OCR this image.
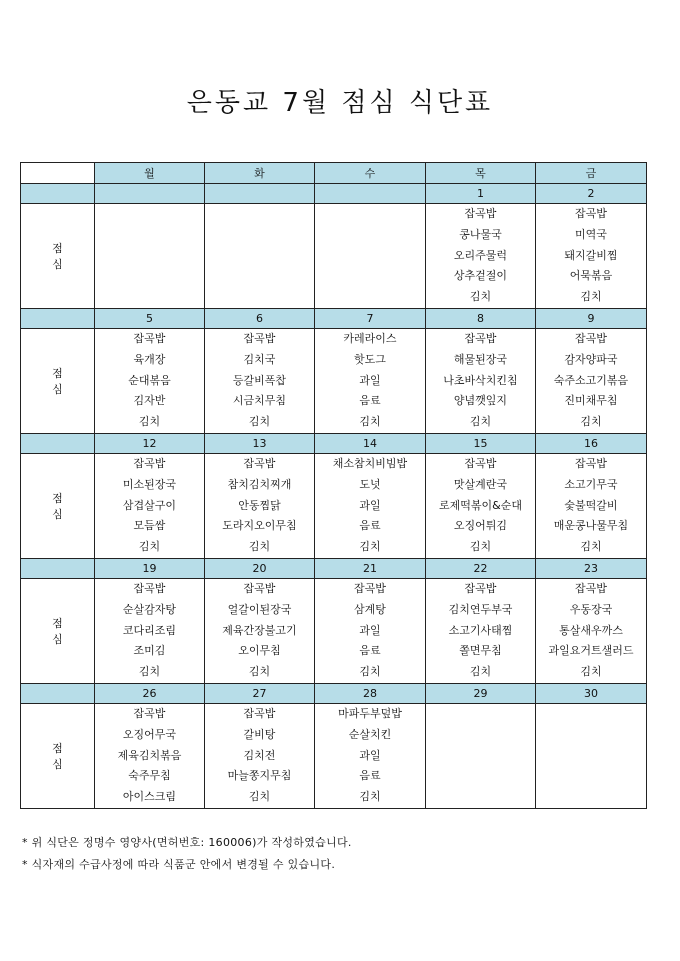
은동교 7월 점심 식단표
	월	화	수	목	금
				1	2
점 심				잡곡밥
콩나물국
오리주물럭
상추겉절이
김치	잡곡밥
미역국
돼지갈비찜
어묵볶음
김치

	5	6	7	8	9
점 심	잡곡밥
육개장
순대볶음
김자반
김치	잡곡밥
김치국
등갈비폭찹
시금치무침
김치	카레라이스
핫도그
과일
음료
김치	잡곡밥
해물된장국
나초바삭치킨침
양념깻잎지
김치	잡곡밥
감자양파국
숙주소고기볶음
진미채무침
김치

	12	13	14	15	16
점 심	잡곡밥
미소된장국
삼겹살구이
모듬쌈
김치	잡곡밥
참치김치찌개
안동찜닭
도라지오이무침
김치	채소참치비빔밥
도넛
과일
음료
김치	잡곡밥
맛살계란국
로제떡볶이&순대
오징어튀김
김치	잡곡밥
소고기무국
숯불떡갈비
매운콩나물무침
김치

	19	20	21	22	23
점 심	잡곡밥
순살감자탕
코다리조림
조미김
김치	잡곡밥
얼갈이된장국
제육간장불고기
오이무침
김치	잡곡밥
삼계탕
과일
음료
김치	잡곡밥
김치연두부국
소고기사태찜
쫄면무침
김치	잡곡밥
우동장국
통살새우까스
과일요거트샐러드
김치

	26	27	28	29	30
점 심	잡곡밥
오징어무국
제육김치볶음
숙주무침
아이스크림	잡곡밥
갈비탕
김치전
마늘쫑지무침
김치	마파두부덮밥
순살치킨
과일
음료
김치		

* 위 식단은 정명수 영양사(면허번호: 160006)가 작성하였습니다.
* 식자재의 수급사정에 따라 식품군 안에서 변경될 수 있습니다.
